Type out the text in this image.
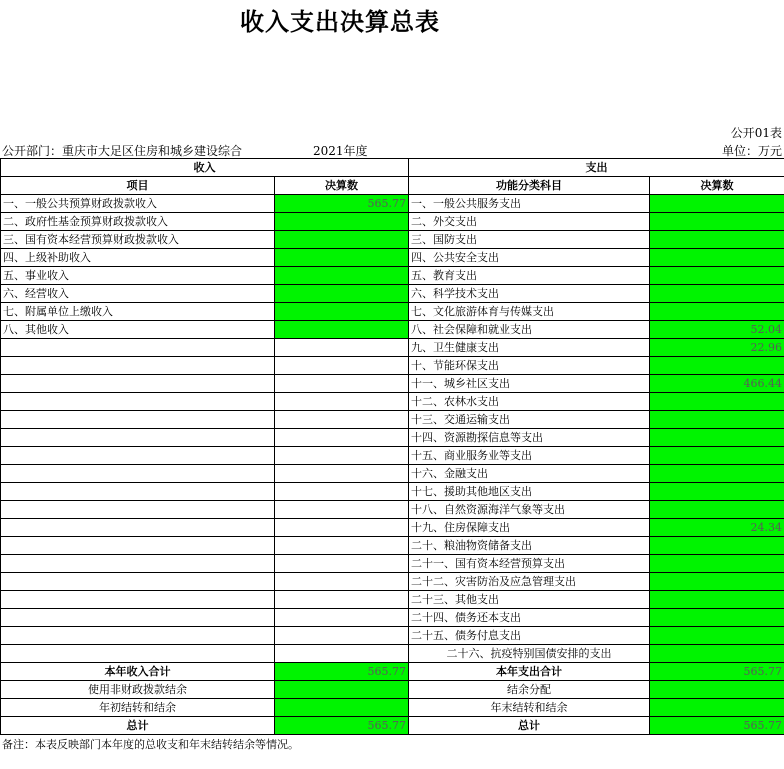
收入支出决算总表
公开01表
公开部门：重庆市大足区住房和城乡建设综合	2021年度	单位：万元
收入		支出	
项目	决算数	功能分类科目	决算数
一、一般公共预算财政拨款收入	565.77	一、一般公共服务支出	
二、政府性基金预算财政拨款收入		二、外交支出	
三、国有资本经营预算财政拨款收入		三、国防支出	
四、上级补助收入		四、公共安全支出	
五、事业收入		五、教育支出	
六、经营收入		六、科学技术支出	
七、附属单位上缴收入		七、文化旅游体育与传媒支出	
八、其他收入		八、社会保障和就业支出	52.04
		九、卫生健康支出	22.96
		十、节能环保支出	
		十一、城乡社区支出	466.44
		十二、农林水支出	
		十三、交通运输支出	
		十四、资源勘探信息等支出	
		十五、商业服务业等支出	
		十六、金融支出	
		十七、援助其他地区支出	
		十八、自然资源海洋气象等支出	
		十九、住房保障支出	24.34
		二十、粮油物资储备支出	
		二十一、国有资本经营预算支出	
		二十二、灾害防治及应急管理支出	
		二十三、其他支出	
		二十四、债务还本支出	
		二十五、债务付息支出	
		二十六、抗疫特别国债安排的支出	
本年收入合计	565.77	本年支出合计	565.77
使用非财政拨款结余		结余分配	
年初结转和结余		年末结转和结余	
总计	565.77	总计	565.77
备注：本表反映部门本年度的总收支和年末结转结余等情况。
